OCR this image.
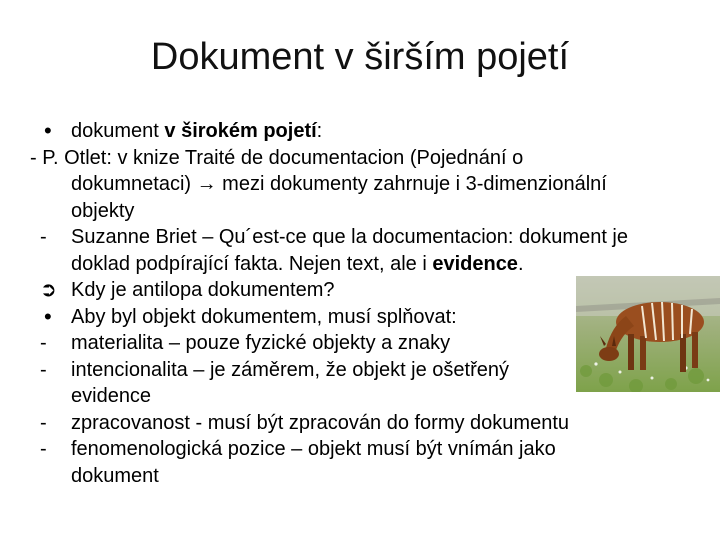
Dokument v širším pojetí
• dokument v širokém pojetí:
- P. Otlet: v knize Traité de documentacion (Pojednání o
dokumnetaci) → mezi dokumenty zahrnuje i 3-dimenzionální
objekty
-	Suzanne Briet – Qu´est-ce que la documentacion: dokument je
doklad podpírající fakta. Nejen text, ale i evidence.
➲ Kdy je antilopa dokumentem?
• Aby byl objekt dokumentem, musí splňovat:
-	materialita – pouze fyzické objekty a znaky
-	intencionalita – je záměrem, že objekt je ošetřený
evidence
-	zpracovanost - musí být zpracován do formy dokumentu
-	fenomenologická pozice – objekt musí být vnímán jako
dokument
